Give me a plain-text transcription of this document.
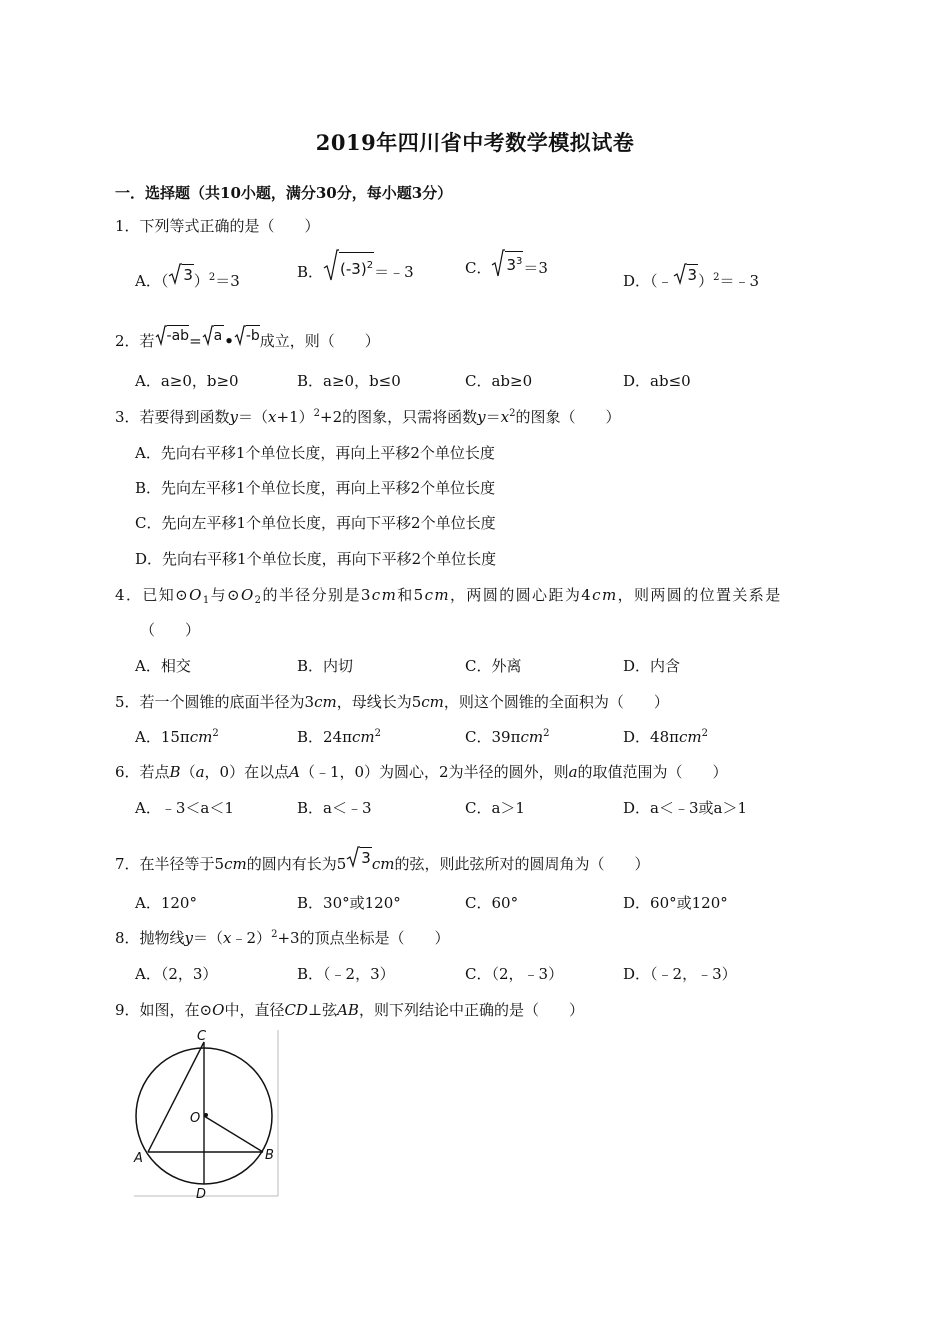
2019年四川省中考数学模拟试卷
一．选择题（共10小题，满分30分，每小题3分）
1．下列等式正确的是（　　）
A．（ 3 ）$^2$＝3	B． $(-3)^2$ ＝﹣3	C． $3^3 =3$
D．（﹣ 3 ）$^2$＝﹣3
2．若 -ab = a • -b 成立，则（　　）
A．a≥0，b≥0	B．a≥0，b≤0	C．ab≥0	D．ab≤0
3．若要得到函数$y=(x+1)^2+2$的图象，只需将函数$y=x^2$的图象（　　）
A．先向右平移1个单位长度，再向上平移2个单位长度
B．先向左平移1个单位长度，再向上平移2个单位长度
C．先向左平移1个单位长度，再向下平移2个单位长度
D．先向右平移1个单位长度，再向下平移2个单位长度
4．已知$⊙O_1$与$⊙O_2$的半径分别是3cm和5cm，两圆的圆心距为4cm，则两圆的位置关系是
（　　）
A．相交	B．内切	C．外离	D．内含
5．若一个圆锥的底面半径为3cm，母线长为5cm，则这个圆锥的全面积为（　　）
A．15πcm$^2$	B．24πcm$^2$	C．39πcm$^2$	D．48πcm$^2$
6．若点B（a，0）在以点A（﹣1，0）为圆心，2为半径的圆外，则a的取值范围为（　　）
A．﹣3＜a＜1	B．a＜﹣3	C．a＞1	D．a＜﹣3或a＞1
7．在半径等于5cm的圆内有长为5 3 cm的弦，则此弦所对的圆周角为（　　）
A．120°	B．30°或120°	C．60°	D．60°或120°
8．抛物线y＝（x﹣2）$^2$+3的顶点坐标是（　　）
A．（2，3）	B．（﹣2，3）	C．（2，﹣3）	D．（﹣2，﹣3）
9．如图，在⊙O中，直径CD⊥弦AB，则下列结论中正确的是（　　）
C
O
A	B
D
